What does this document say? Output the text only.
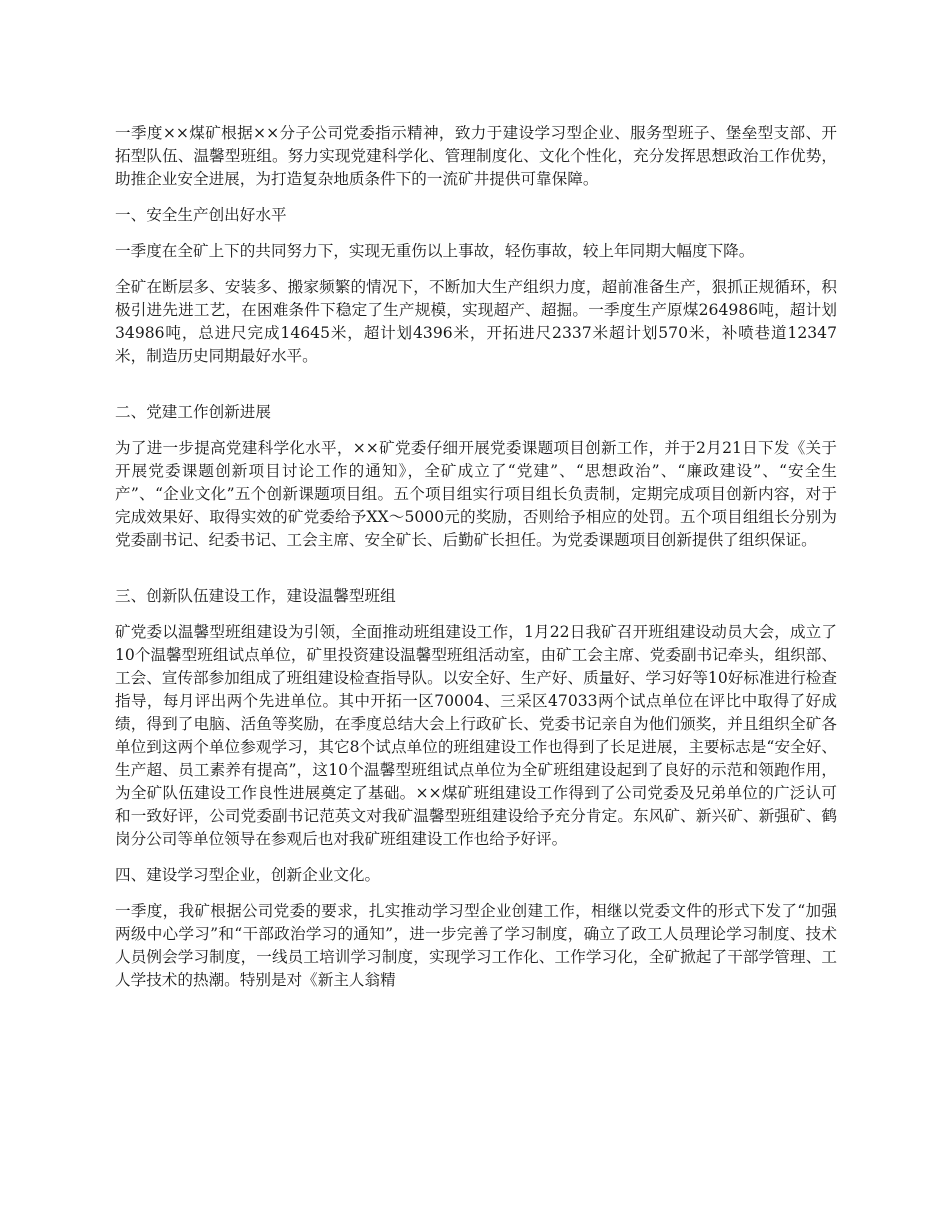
一季度××煤矿根据××分子公司党委指示精神，致力于建设学习型企业、服务型班子、堡垒型支部、开拓型队伍、温馨型班组。努力实现党建科学化、管理制度化、文化个性化，充分发挥思想政治工作优势，助推企业安全进展，为打造复杂地质条件下的一流矿井提供可靠保障。

一、安全生产创出好水平

一季度在全矿上下的共同努力下，实现无重伤以上事故，轻伤事故，较上年同期大幅度下降。

全矿在断层多、安装多、搬家频繁的情况下，不断加大生产组织力度，超前准备生产，狠抓正规循环，积极引进先进工艺，在困难条件下稳定了生产规模，实现超产、超掘。一季度生产原煤264986吨，超计划34986吨，总进尺完成14645米，超计划4396米，开拓进尺2337米超计划570米，补喷巷道12347米，制造历史同期最好水平。

二、党建工作创新进展

为了进一步提高党建科学化水平，××矿党委仔细开展党委课题项目创新工作，并于2月21日下发《关于开展党委课题创新项目讨论工作的通知》，全矿成立了“党建”、“思想政治”、“廉政建设”、“安全生产”、“企业文化”五个创新课题项目组。五个项目组实行项目组长负责制，定期完成项目创新内容，对于完成效果好、取得实效的矿党委给予XX～5000元的奖励，否则给予相应的处罚。五个项目组组长分别为党委副书记、纪委书记、工会主席、安全矿长、后勤矿长担任。为党委课题项目创新提供了组织保证。

三、创新队伍建设工作，建设温馨型班组

矿党委以温馨型班组建设为引领，全面推动班组建设工作，1月22日我矿召开班组建设动员大会，成立了10个温馨型班组试点单位，矿里投资建设温馨型班组活动室，由矿工会主席、党委副书记牵头，组织部、工会、宣传部参加组成了班组建设检查指导队。以安全好、生产好、质量好、学习好等10好标准进行检查指导，每月评出两个先进单位。其中开拓一区70004、三采区47033两个试点单位在评比中取得了好成绩，得到了电脑、活鱼等奖励，在季度总结大会上行政矿长、党委书记亲自为他们颁奖，并且组织全矿各单位到这两个单位参观学习，其它8个试点单位的班组建设工作也得到了长足进展，主要标志是“安全好、生产超、员工素养有提高”，这10个温馨型班组试点单位为全矿班组建设起到了良好的示范和领跑作用，为全矿队伍建设工作良性进展奠定了基础。××煤矿班组建设工作得到了公司党委及兄弟单位的广泛认可和一致好评，公司党委副书记范英文对我矿温馨型班组建设给予充分肯定。东风矿、新兴矿、新强矿、鹤岗分公司等单位领导在参观后也对我矿班组建设工作也给予好评。

四、建设学习型企业，创新企业文化。

一季度，我矿根据公司党委的要求，扎实推动学习型企业创建工作，相继以党委文件的形式下发了“加强两级中心学习”和“干部政治学习的通知”，进一步完善了学习制度，确立了政工人员理论学习制度、技术人员例会学习制度，一线员工培训学习制度，实现学习工作化、工作学习化，全矿掀起了干部学管理、工人学技术的热潮。特别是对《新主人翁精
